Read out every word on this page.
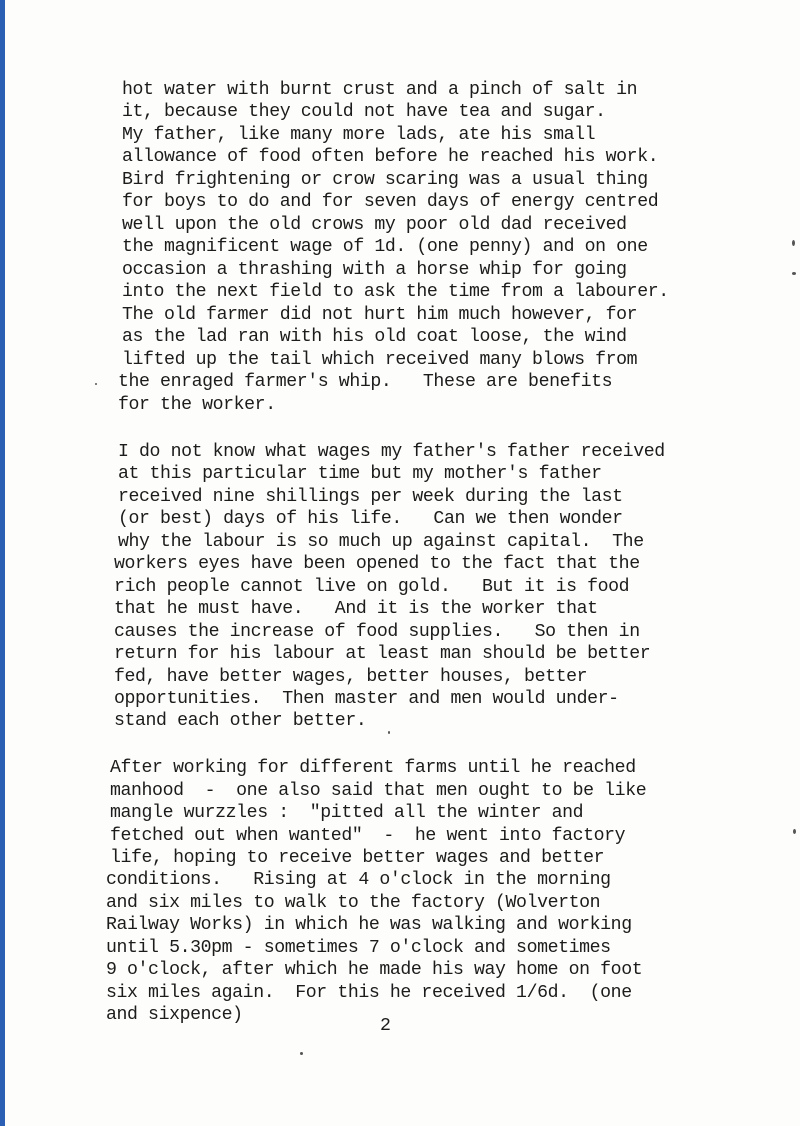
hot water with burnt crust and a pinch of salt in
it, because they could not have tea and sugar.
My father, like many more lads, ate his small
allowance of food often before he reached his work.
Bird frightening or crow scaring was a usual thing
for boys to do and for seven days of energy centred
well upon the old crows my poor old dad received
the magnificent wage of 1d. (one penny) and on one
occasion a thrashing with a horse whip for going
into the next field to ask the time from a labourer.
The old farmer did not hurt him much however, for
as the lad ran with his old coat loose, the wind
lifted up the tail which received many blows from
the enraged farmer's whip.   These are benefits
for the worker.
I do not know what wages my father's father received
at this particular time but my mother's father
received nine shillings per week during the last
(or best) days of his life.   Can we then wonder
why the labour is so much up against capital.  The
workers eyes have been opened to the fact that the
rich people cannot live on gold.   But it is food
that he must have.   And it is the worker that
causes the increase of food supplies.   So then in
return for his labour at least man should be better
fed, have better wages, better houses, better
opportunities.  Then master and men would under-
stand each other better.
After working for different farms until he reached
manhood  -  one also said that men ought to be like
mangle wurzzles :  "pitted all the winter and
fetched out when wanted"  -  he went into factory
life, hoping to receive better wages and better
conditions.   Rising at 4 o'clock in the morning
and six miles to walk to the factory (Wolverton
Railway Works) in which he was walking and working
until 5.30pm - sometimes 7 o'clock and sometimes
9 o'clock, after which he made his way home on foot
six miles again.  For this he received 1/6d.  (one
and sixpence)
2
